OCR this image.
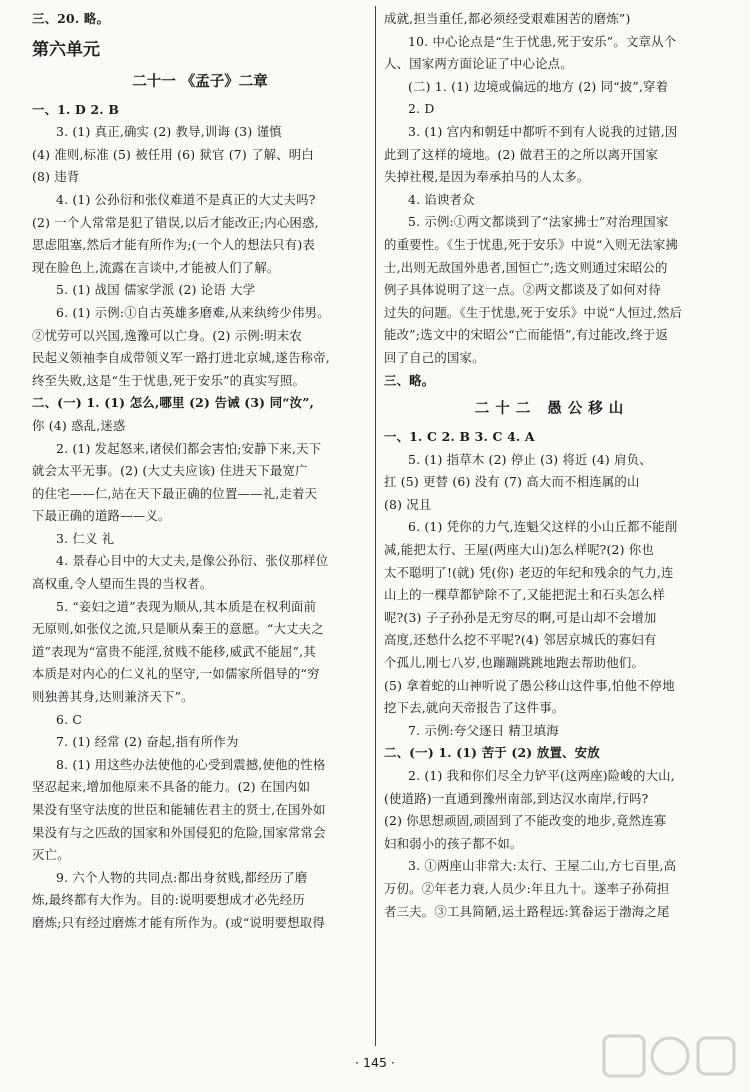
三、20. 略。
第六单元
二十一 《孟子》二章
一、1. D 2. B
3. (1) 真正,确实 (2) 教导,训诲 (3) 谨慎
(4) 准则,标准 (5) 被任用 (6) 狱官 (7) 了解、明白
(8) 违背
4. (1) 公孙衍和张仪难道不是真正的大丈夫吗?
(2) 一个人常常是犯了错误,以后才能改正;内心困惑,
思虑阻塞,然后才能有所作为;(一个人的想法只有)表
现在脸色上,流露在言谈中,才能被人们了解。
5. (1) 战国 儒家学派 (2) 论语 大学
6. (1) 示例:①自古英雄多磨难,从来纨绔少伟男。
②忧劳可以兴国,逸豫可以亡身。(2) 示例:明末农
民起义领袖李自成带领义军一路打进北京城,遂告称帝,
终至失败,这是“生于忧患,死于安乐”的真实写照。
二、(一) 1. (1) 怎么,哪里 (2) 告诫 (3) 同“汝”,
你 (4) 惑乱,迷惑
2. (1) 发起怒来,诸侯们都会害怕;安静下来,天下
就会太平无事。(2) (大丈夫应该) 住进天下最宽广
的住宅——仁,站在天下最正确的位置——礼,走着天
下最正确的道路——义。
3. 仁义 礼
4. 景春心目中的大丈夫,是像公孙衍、张仪那样位
高权重,令人望而生畏的当权者。
5. “妾妇之道”表现为顺从,其本质是在权利面前
无原则,如张仪之流,只是顺从秦王的意愿。“大丈夫之
道”表现为“富贵不能淫,贫贱不能移,威武不能屈”,其
本质是对内心的仁义礼的坚守,一如儒家所倡导的“穷
则独善其身,达则兼济天下”。
6. C
7. (1) 经常 (2) 奋起,指有所作为
8. (1) 用这些办法使他的心受到震撼,使他的性格
坚忍起来,增加他原来不具备的能力。(2) 在国内如
果没有坚守法度的世臣和能辅佐君主的贤士,在国外如
果没有与之匹敌的国家和外国侵犯的危险,国家常常会
灭亡。
9. 六个人物的共同点:都出身贫贱,都经历了磨
炼,最终都有大作为。目的:说明要想成才必先经历
磨炼;只有经过磨炼才能有所作为。(或“说明要想取得
成就,担当重任,都必须经受艰难困苦的磨炼”)
10. 中心论点是“生于忧患,死于安乐”。文章从个
人、国家两方面论证了中心论点。
(二) 1. (1) 边境或偏远的地方 (2) 同“披”,穿着
2. D
3. (1) 宫内和朝廷中都听不到有人说我的过错,因
此到了这样的境地。(2) 做君王的之所以离开国家
失掉社稷,是因为奉承拍马的人太多。
4. 谄谀者众
5. 示例:①两文都谈到了“法家拂士”对治理国家
的重要性。《生于忧患,死于安乐》中说“入则无法家拂
士,出则无敌国外患者,国恒亡”;选文则通过宋昭公的
例子具体说明了这一点。②两文都谈及了如何对待
过失的问题。《生于忧患,死于安乐》中说“人恒过,然后
能改”;选文中的宋昭公“亡而能悟”,有过能改,终于返
回了自己的国家。
三、略。
二十二 愚公移山
一、1. C 2. B 3. C 4. A
5. (1) 指草木 (2) 停止 (3) 将近 (4) 肩负、
扛 (5) 更替 (6) 没有 (7) 高大而不相连属的山
(8) 况且
6. (1) 凭你的力气,连魁父这样的小山丘都不能削
减,能把太行、王屋(两座大山)怎么样呢?(2) 你也
太不聪明了!(就) 凭(你) 老迈的年纪和残余的气力,连
山上的一棵草都铲除不了,又能把泥土和石头怎么样
呢?(3) 子子孙孙是无穷尽的啊,可是山却不会增加
高度,还愁什么挖不平呢?(4) 邻居京城氏的寡妇有
个孤儿,刚七八岁,也蹦蹦跳跳地跑去帮助他们。
(5) 拿着蛇的山神听说了愚公移山这件事,怕他不停地
挖下去,就向天帝报告了这件事。
7. 示例:夸父逐日 精卫填海
二、(一) 1. (1) 苦于 (2) 放置、安放
2. (1) 我和你们尽全力铲平(这两座)险峻的大山,
(使道路)一直通到豫州南部,到达汉水南岸,行吗?
(2) 你思想顽固,顽固到了不能改变的地步,竟然连寡
妇和弱小的孩子都不如。
3. ①两座山非常大:太行、王屋二山,方七百里,高
万仞。②年老力衰,人员少:年且九十。遂率子孙荷担
者三夫。③工具简陋,运土路程远:箕畚运于渤海之尾
· 145 ·
